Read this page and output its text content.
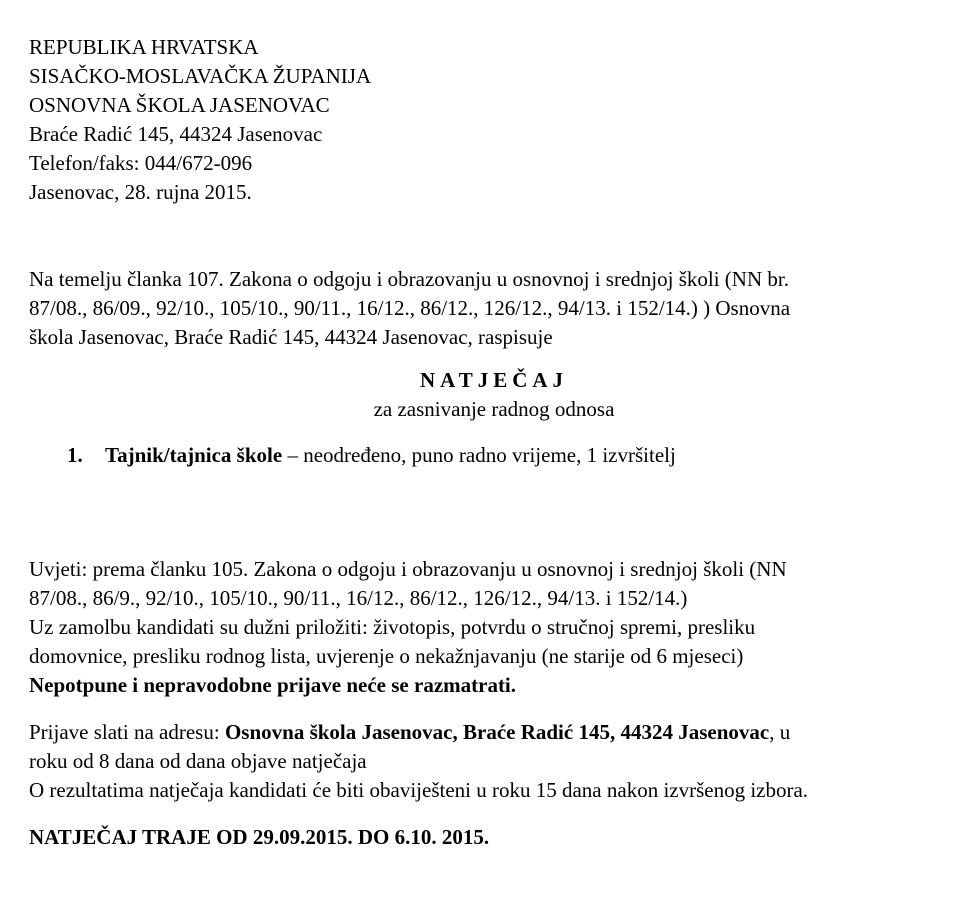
REPUBLIKA HRVATSKA
SISAČKO-MOSLAVAČKA ŽUPANIJA
OSNOVNA ŠKOLA JASENOVAC
Braće Radić 145, 44324 Jasenovac
Telefon/faks: 044/672-096
Jasenovac, 28. rujna 2015.
Na temelju članka 107. Zakona o odgoju i obrazovanju u osnovnoj i srednjoj školi (NN br.
87/08., 86/09., 92/10., 105/10., 90/11., 16/12., 86/12., 126/12., 94/13. i 152/14.) ) Osnovna
škola Jasenovac, Braće Radić 145, 44324 Jasenovac, raspisuje
NATJEČAJ
za zasnivanje radnog odnosa
1. Tajnik/tajnica škole – neodređeno, puno radno vrijeme, 1 izvršitelj
Uvjeti: prema članku 105. Zakona o odgoju i obrazovanju u osnovnoj i srednjoj školi (NN
87/08., 86/9., 92/10., 105/10., 90/11., 16/12., 86/12., 126/12., 94/13. i 152/14.)
Uz zamolbu kandidati su dužni priložiti: životopis, potvrdu o stručnoj spremi, presliku
domovnice, presliku rodnog lista, uvjerenje o nekažnjavanju (ne starije od 6 mjeseci)
Nepotpune i nepravodobne prijave neće se razmatrati.
Prijave slati na adresu: Osnovna škola Jasenovac, Braće Radić 145, 44324 Jasenovac, u
roku od 8 dana od dana objave natječaja
O rezultatima natječaja kandidati će biti obaviješteni u roku 15 dana nakon izvršenog izbora.
NATJEČAJ TRAJE OD 29.09.2015. DO 6.10. 2015.
